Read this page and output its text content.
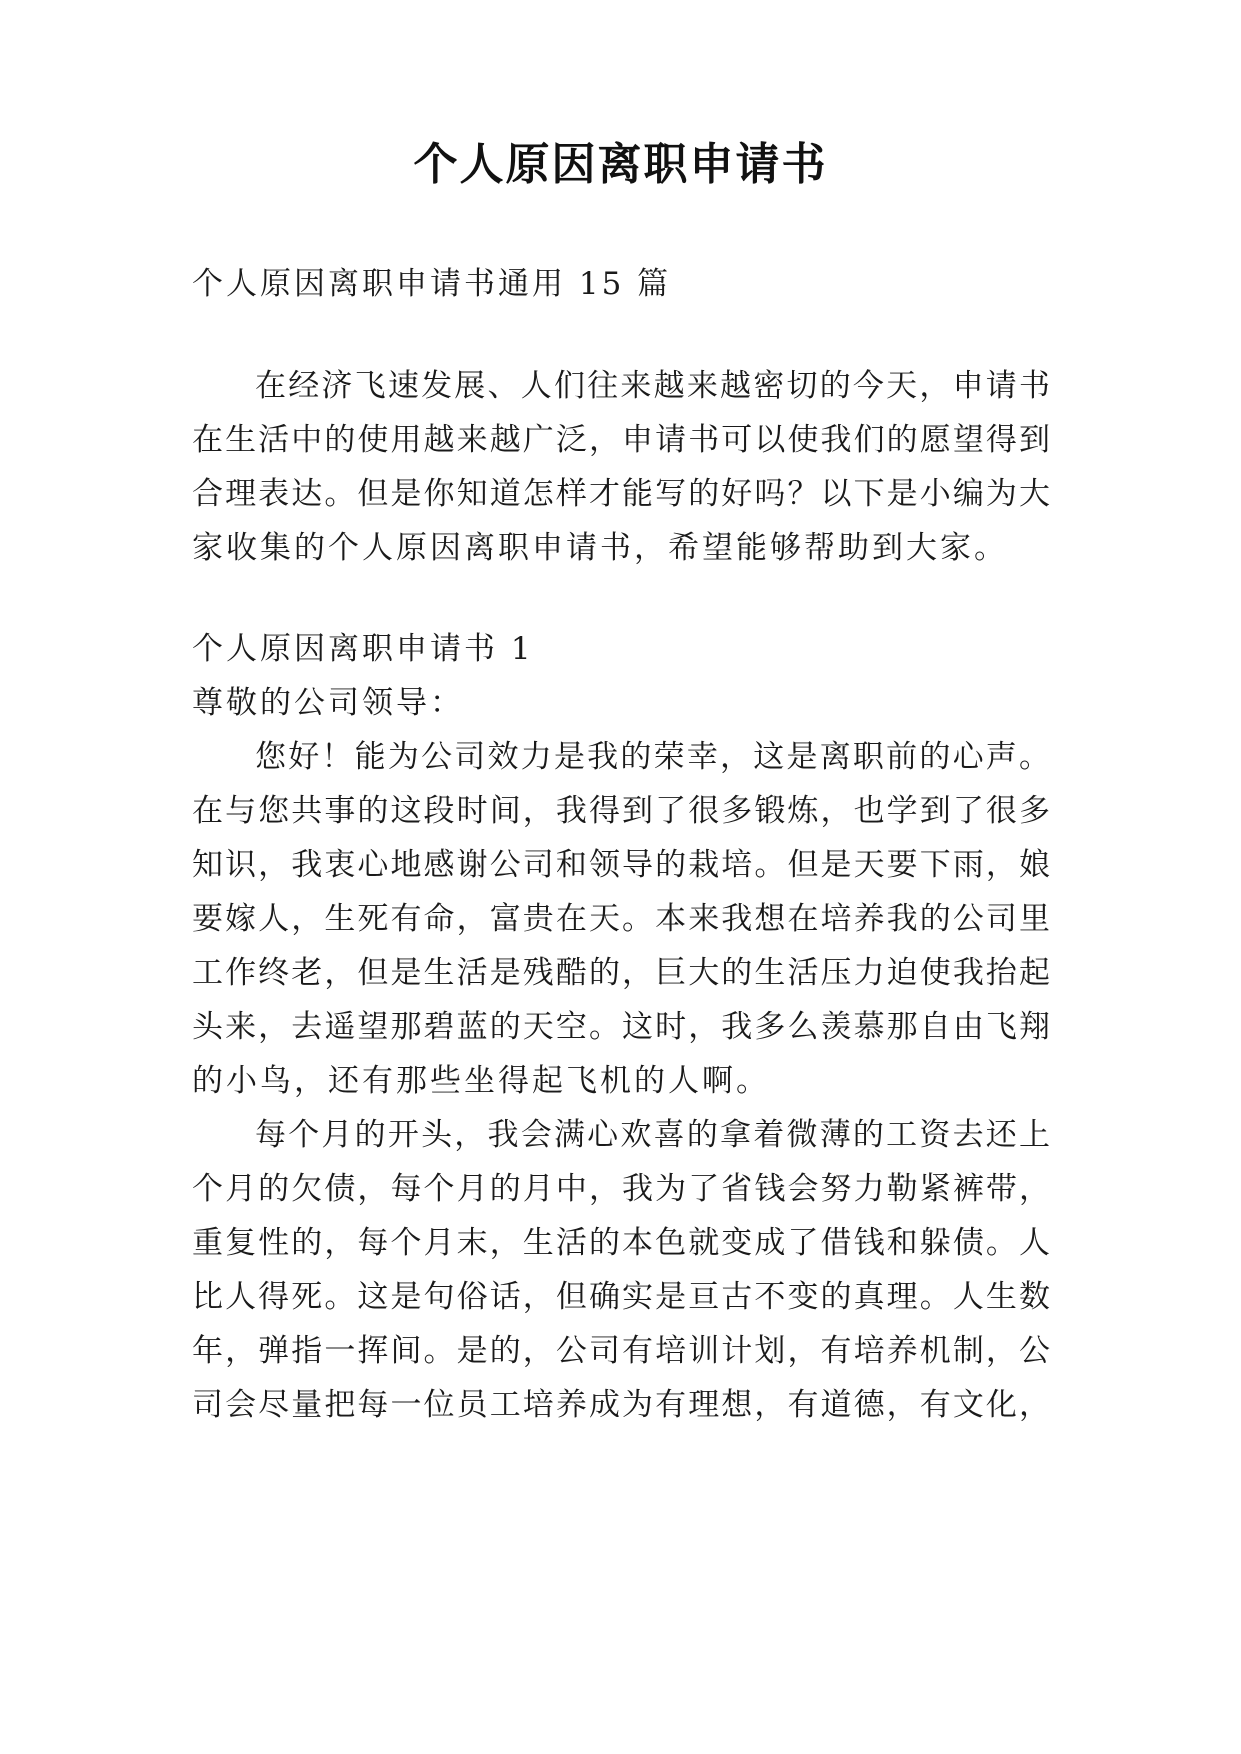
个人原因离职申请书
个人原因离职申请书通用 15 篇
在经济飞速发展、人们往来越来越密切的今天，申请书
在生活中的使用越来越广泛，申请书可以使我们的愿望得到
合理表达。但是你知道怎样才能写的好吗？以下是小编为大
家收集的个人原因离职申请书，希望能够帮助到大家。
个人原因离职申请书 1
尊敬的公司领导：
您好！能为公司效力是我的荣幸，这是离职前的心声。
在与您共事的这段时间，我得到了很多锻炼，也学到了很多
知识，我衷心地感谢公司和领导的栽培。但是天要下雨，娘
要嫁人，生死有命，富贵在天。本来我想在培养我的公司里
工作终老，但是生活是残酷的，巨大的生活压力迫使我抬起
头来，去遥望那碧蓝的天空。这时，我多么羡慕那自由飞翔
的小鸟，还有那些坐得起飞机的人啊。
每个月的开头，我会满心欢喜的拿着微薄的工资去还上
个月的欠债，每个月的月中，我为了省钱会努力勒紧裤带，
重复性的，每个月末，生活的本色就变成了借钱和躲债。人
比人得死。这是句俗话，但确实是亘古不变的真理。人生数
年，弹指一挥间。是的，公司有培训计划，有培养机制，公
司会尽量把每一位员工培养成为有理想，有道德，有文化，
